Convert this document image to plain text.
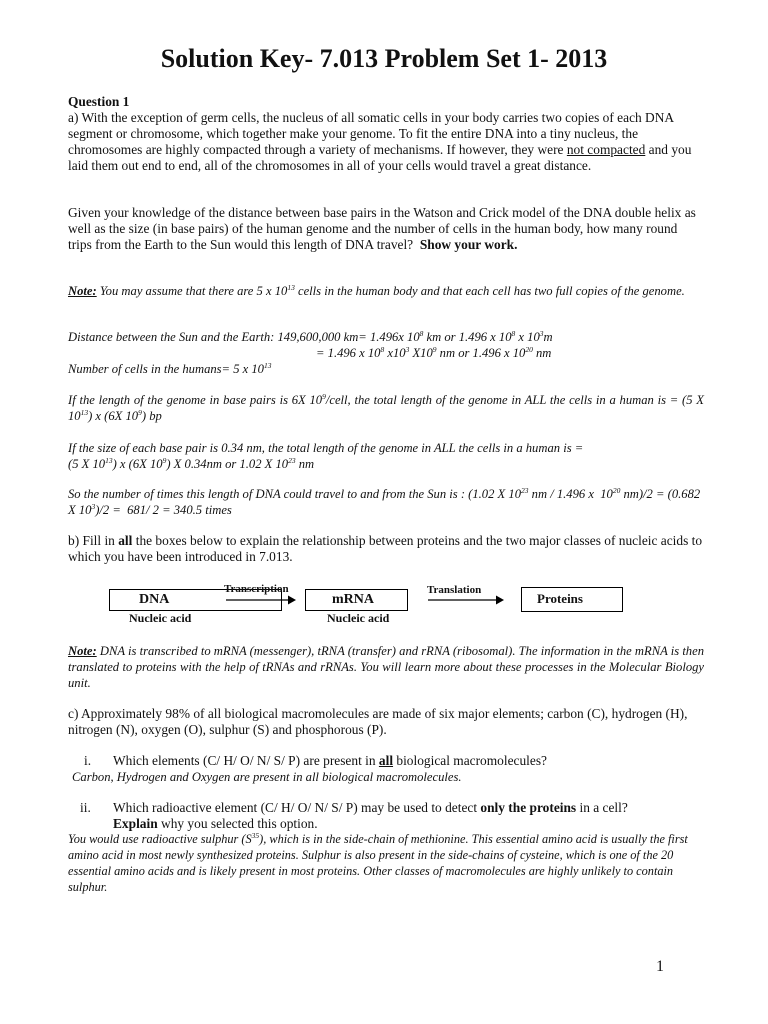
Solution Key- 7.013 Problem Set 1- 2013
Question 1
a) With the exception of germ cells, the nucleus of all somatic cells in your body carries two copies of each DNA segment or chromosome, which together make your genome. To fit the entire DNA into a tiny nucleus, the chromosomes are highly compacted through a variety of mechanisms. If however, they were not compacted and you laid them out end to end, all of the chromosomes in all of your cells would travel a great distance.
Given your knowledge of the distance between base pairs in the Watson and Crick model of the DNA double helix as well as the size (in base pairs) of the human genome and the number of cells in the human body, how many round trips from the Earth to the Sun would this length of DNA travel? Show your work.
Note: You may assume that there are 5 x $10^{13}$ cells in the human body and that each cell has two full copies of the genome.
Distance between the Sun and the Earth: 149,600,000 km= 1.496x $10^8$ km or 1.496 x $10^8$ x $10^3m$
= 1.496 x $10^8$ $x10^3$ $X10^9$ nm or 1.496 x $10^{20}$ nm
Number of cells in the humans= 5 x $10^{13}$
If the length of the genome in base pairs is 6X $10^9$/cell, the total length of the genome in ALL the cells in a human is = (5 X $10^{13}$) x (6X $10^9$) bp
If the size of each base pair is 0.34 nm, the total length of the genome in ALL the cells in a human is =
(5 X $10^{13}$) x (6X $10^9$) X 0.34nm or 1.02 X $10^{23}$ nm
So the number of times this length of DNA could travel to and from the Sun is : (1.02 X $10^{23}$ nm / 1.496 x  $10^{20}$ nm)/2 = (0.682 X $10^3)/2 = 681/$ 2 = 340.5 times
b) Fill in all the boxes below to explain the relationship between proteins and the two major classes of nucleic acids to which you have been introduced in 7.013.
DNA
Nucleic acid
Transcription
mRNA
Nucleic acid
Translation
Proteins
Note: DNA is transcribed to mRNA (messenger), tRNA (transfer) and rRNA (ribosomal). The information in the mRNA is then translated to proteins with the help of tRNAs and rRNAs. You will learn more about these processes in the Molecular Biology unit.
c) Approximately 98% of all biological macromolecules are made of six major elements; carbon (C), hydrogen (H), nitrogen (N), oxygen (O), sulphur (S) and phosphorous (P).
i. Which elements (C/ H/ O/ N/ S/ P) are present in all biological macromolecules?
Carbon, Hydrogen and Oxygen are present in all biological macromolecules.
ii. Which radioactive element (C/ H/ O/ N/ S/ P) may be used to detect only the proteins in a cell?
Explain why you selected this option.
You would use radioactive sulphur $(S^{35})$, which is in the side-chain of methionine. This essential amino acid is usually the first amino acid in most newly synthesized proteins. Sulphur is also present in the side-chains of cysteine, which is one of the 20 essential amino acids and is likely present in most proteins. Other classes of macromolecules are highly unlikely to contain sulphur.
1
